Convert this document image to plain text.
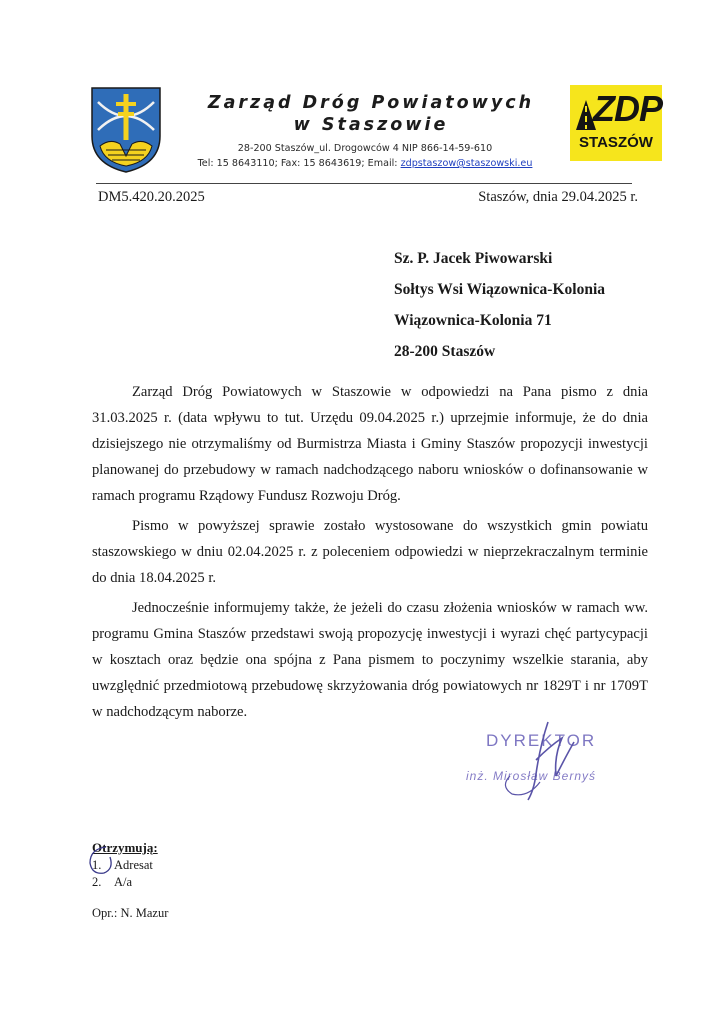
Zarząd Dróg Powiatowych
w Staszowie
28-200 Staszów_ul. Drogowców 4 NIP 866-14-59-610
Tel: 15 8643110; Fax: 15 8643619; Email: zdpstaszow@staszowski.eu
ZDP
STASZÓW
DM5.420.20.2025	Staszów, dnia 29.04.2025 r.
Sz. P. Jacek Piwowarski
Sołtys Wsi Wiązownica-Kolonia
Wiązownica-Kolonia 71
28-200 Staszów

Zarząd Dróg Powiatowych w Staszowie w odpowiedzi na Pana pismo z dnia 31.03.2025 r. (data wpływu to tut. Urzędu 09.04.2025 r.) uprzejmie informuje, że do dnia dzisiejszego nie otrzymaliśmy od Burmistrza Miasta i Gminy Staszów propozycji inwestycji planowanej do przebudowy w ramach nadchodzącego naboru wniosków o dofinansowanie w ramach programu Rządowy Fundusz Rozwoju Dróg.

Pismo w powyższej sprawie zostało wystosowane do wszystkich gmin powiatu staszowskiego w dniu 02.04.2025 r. z poleceniem odpowiedzi w nieprzekraczalnym terminie do dnia 18.04.2025 r.

Jednocześnie informujemy także, że jeżeli do czasu złożenia wniosków w ramach ww. programu Gmina Staszów przedstawi swoją propozycję inwestycji i wyrazi chęć partycypacji w kosztach oraz będzie ona spójna z Pana pismem to poczynimy wszelkie starania, aby uwzględnić przedmiotową przebudowę skrzyżowania dróg powiatowych nr 1829T i nr 1709T w nadchodzącym naborze.

DYREKTOR
inż. Mirosław Bernyś
Otrzymują:
1. Adresat
2. A/a
Opr.: N. Mazur
